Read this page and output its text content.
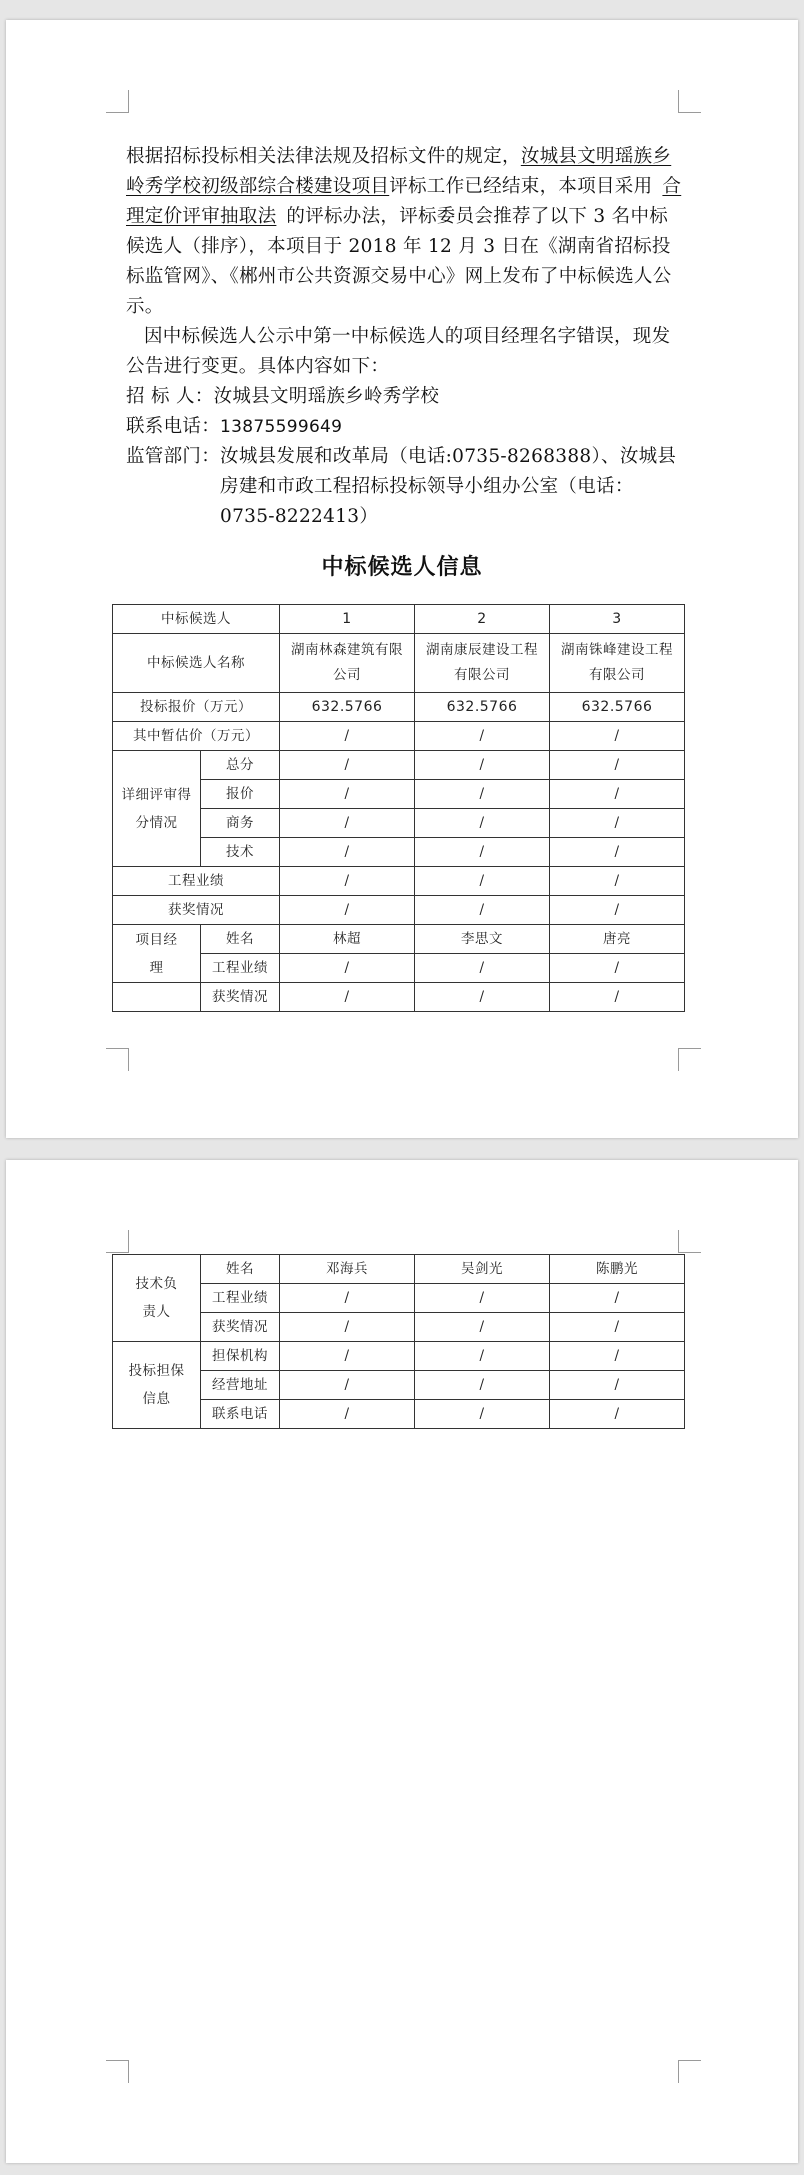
根据招标投标相关法律法规及招标文件的规定，汝城县文明瑶族乡岭秀学校初级部综合楼建设项目评标工作已经结束，本项目采用 合理定价评审抽取法 的评标办法，评标委员会推荐了以下 3 名中标候选人（排序），本项目于 2018 年 12 月 3 日在《湖南省招标投标监管网》、《郴州市公共资源交易中心》网上发布了中标候选人公示。

因中标候选人公示中第一中标候选人的项目经理名字错误，现发公告进行变更。具体内容如下：

招 标 人：汝城县文明瑶族乡岭秀学校

联系电话：13875599649

监管部门： 汝城县发展和改革局（电话:0735-8268388）、汝城县房建和市政工程招标投标领导小组办公室（电话：0735-8222413）

中标候选人信息
中标候选人		1	2	3
中标候选人名称		湖南林森建筑有限公司	湖南康辰建设工程有限公司	湖南铢峰建设工程有限公司
投标报价（万元）		632.5766	632.5766	632.5766
其中暂估价（万元）		/	/	/
详细评审得分情况	总分	/	/	/
	报价	/	/	/
	商务	/	/	/
	技术	/	/	/
工程业绩		/	/	/
获奖情况		/	/	/
项目经理	姓名	林超	李思文	唐亮
	工程业绩	/	/	/
	获奖情况	/	/	/
技术负责人	姓名	邓海兵	吴剑光	陈鹏光
	工程业绩	/	/	/
	获奖情况	/	/	/
投标担保信息	担保机构	/	/	/
	经营地址	/	/	/
	联系电话	/	/	/
